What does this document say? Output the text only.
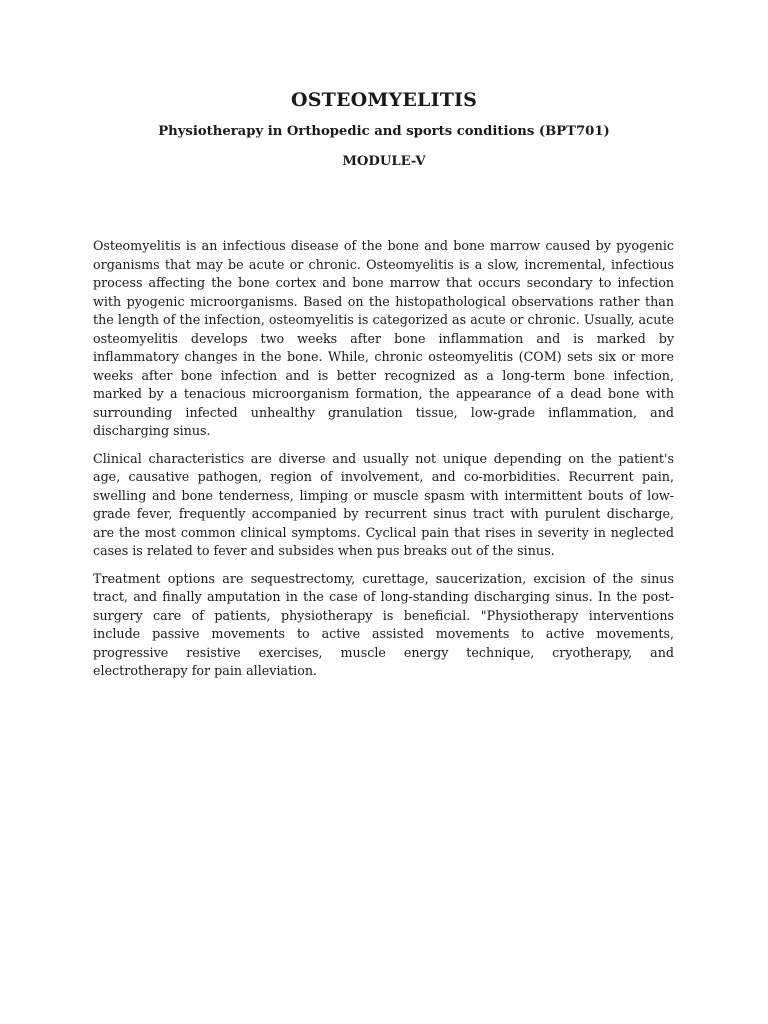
OSTEOMYELITIS
Physiotherapy in Orthopedic and sports conditions (BPT701)
MODULE-V

Osteomyelitis is an infectious disease of the bone and bone marrow caused by pyogenic organisms that may be acute or chronic. Osteomyelitis is a slow, incremental, infectious process affecting the bone cortex and bone marrow that occurs secondary to infection with pyogenic microorganisms. Based on the histopathological observations rather than the length of the infection, osteomyelitis is categorized as acute or chronic. Usually, acute osteomyelitis develops two weeks after bone inflammation and is marked by inflammatory changes in the bone. While, chronic osteomyelitis (COM) sets six or more weeks after bone infection and is better recognized as a long-term bone infection, marked by a tenacious microorganism formation, the appearance of a dead bone with surrounding infected unhealthy granulation tissue, low-grade inflammation, and discharging sinus.

Clinical characteristics are diverse and usually not unique depending on the patient's age, causative pathogen, region of involvement, and co-morbidities. Recurrent pain, swelling and bone tenderness, limping or muscle spasm with intermittent bouts of low-grade fever, frequently accompanied by recurrent sinus tract with purulent discharge, are the most common clinical symptoms. Cyclical pain that rises in severity in neglected cases is related to fever and subsides when pus breaks out of the sinus.

Treatment options are sequestrectomy, curettage, saucerization, excision of the sinus tract, and finally amputation in the case of long-standing discharging sinus. In the post-surgery care of patients, physiotherapy is beneficial. "Physiotherapy interventions include passive movements to active assisted movements to active movements, progressive resistive exercises, muscle energy technique, cryotherapy, and electrotherapy for pain alleviation.
